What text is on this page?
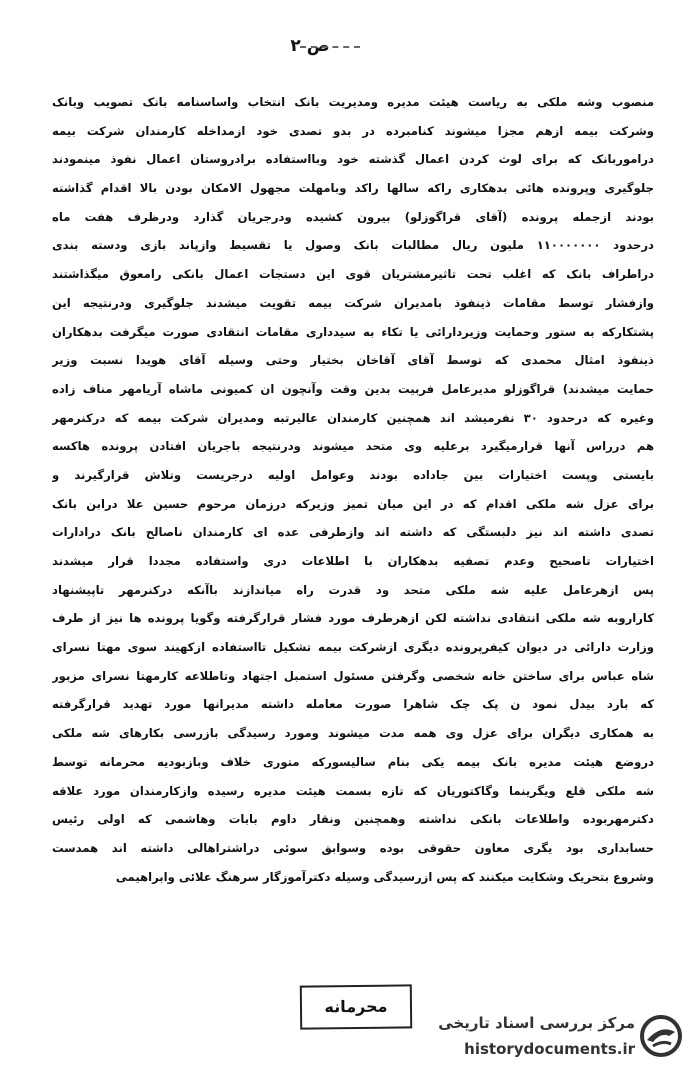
ص ۲
منصوب وشه ملکی به ریاست هیئت مدیره ومدیریت بانک انتخاب واساسنامه بانک تصویب وبانک
وشرکت بیمه ازهم مجزا میشوند کنامبرده در بدو تصدی خود ازمداخله کارمندان شرکت بیمه
دراموربانک که برای لوث کردن اعمال گذشته خود وبااستفاده برادروستان اعمال نفوذ مینمودند
جلوگیری وپرونده هائی بدهکاری راکه سالها راکد وبامهلت مجهول الامکان بودن بالا اقدام گذاشته
بودند ازجمله پرونده (آقای قراگوزلو) بیرون کشیده ودرجریان گذارد ودرظرف هفت ماه
درحدود ۱۱۰۰۰۰۰۰۰ ملیون ریال مطالبات بانک وصول یا تقسیط وازپاند بازی ودسته بندی
دراطراف بانک که اغلب تحت تاثیرمشتریان قوی این دستجات اعمال بانکی رامعوق میگذاشتند
وازفشار توسط مقامات ذینفوذ بامدیران شرکت بیمه تقویت میشدند جلوگیری ودرنتیجه این
پشتکارکه به ستور وحمایت وزیردارائی یا تکاء به سیدداری مقامات انتقادی صورت میگرفت بدهکاران
ذینفوذ امثال محمدی که توسط آقای آقاخان بختیار وحتی وسیله آقای هویدا نسبت وزیر
حمایت میشدند) قراگوزلو مدیرعامل فربیت بدین وقت وآنچون ان کمیونی ماشاه آریامهر مناف زاده
وغیره که درحدود ۳۰ نفرمیشد اند همچنین کارمندان عالیرتبه ومدیران شرکت بیمه که درکنرمهر
هم درراس آنها قرارمیگیرد برعلیه وی متحد میشوند ودرنتیجه باجریان افتادن پرونده هاکسه
بایستی وپست اختیارات بین جاداده بودند وعوامل اولیه درجریست وتلاش قرارگیرند و
برای عزل شه ملکی اقدام که در این میان تمیز وزیرکه درزمان مرحوم حسین علا درابن بانک
تصدی داشته اند نیز دلبستگی که داشته اند وازطرفی عده ای کارمندان ناصالح بانک درادارات
اختیارات تاصحیح وعدم تصفیه بدهکاران با اطلاعات دری واستفاده مجددا قرار میشدند
پس ازهرعامل علیه شه ملکی متحد ود قدرت راه میاندازند باآنکه درکنرمهر تاپیشنهاد
کاراروبه شه ملکی انتقادی نداشته لکن ازهرطرف مورد فشار قرارگرفته وگویا پرونده ها نیز از طرف
وزارت دارائی در دیوان کیفرپرونده دیگری ازشرکت بیمه تشکیل تااستفاده ازکهیند سوی مهتا نسرای
شاه عباس برای ساختن خانه شخصی وگرفتن مسئول استمبل اجتهاد وتاطلاعه کارمهتا نسرای مزبور
که بارد بیدل نمود ن پک چک شاهرا صورت معامله داشته مدیرانها مورد تهدید قرارگرفته
به همکاری دیگران برای عزل وی همه مدت میشوند ومورد رسیدگی بازرسی بکارهای شه ملکی
دروضع هیئت مدیره بانک بیمه یکی بنام سالیسورکه متوری خلاف وبازبودیه محرمانه توسط
شه ملکی قلع ویگرینما وگاکتوریان که تازه بسمت هیئت مدیره رسیده وازکارمندان مورد علاقه
دکترمهربوده واطلاعات بانکی نداشته وهمچنین ونقار داوم بابات وهاشمی که اولی رئیس
حسابداری بود یگری معاون حقوقی بوده وسوابق سوئی دراشتراهالی داشته اند همدست
وشروع بتحریک وشکایت میکنند که پس ازرسیدگی وسیله دکترآموزگار سرهنگ علائی وابراهیمی
محرمانه
مرکز بررسی اسناد تاریخی
historydocuments.ir
